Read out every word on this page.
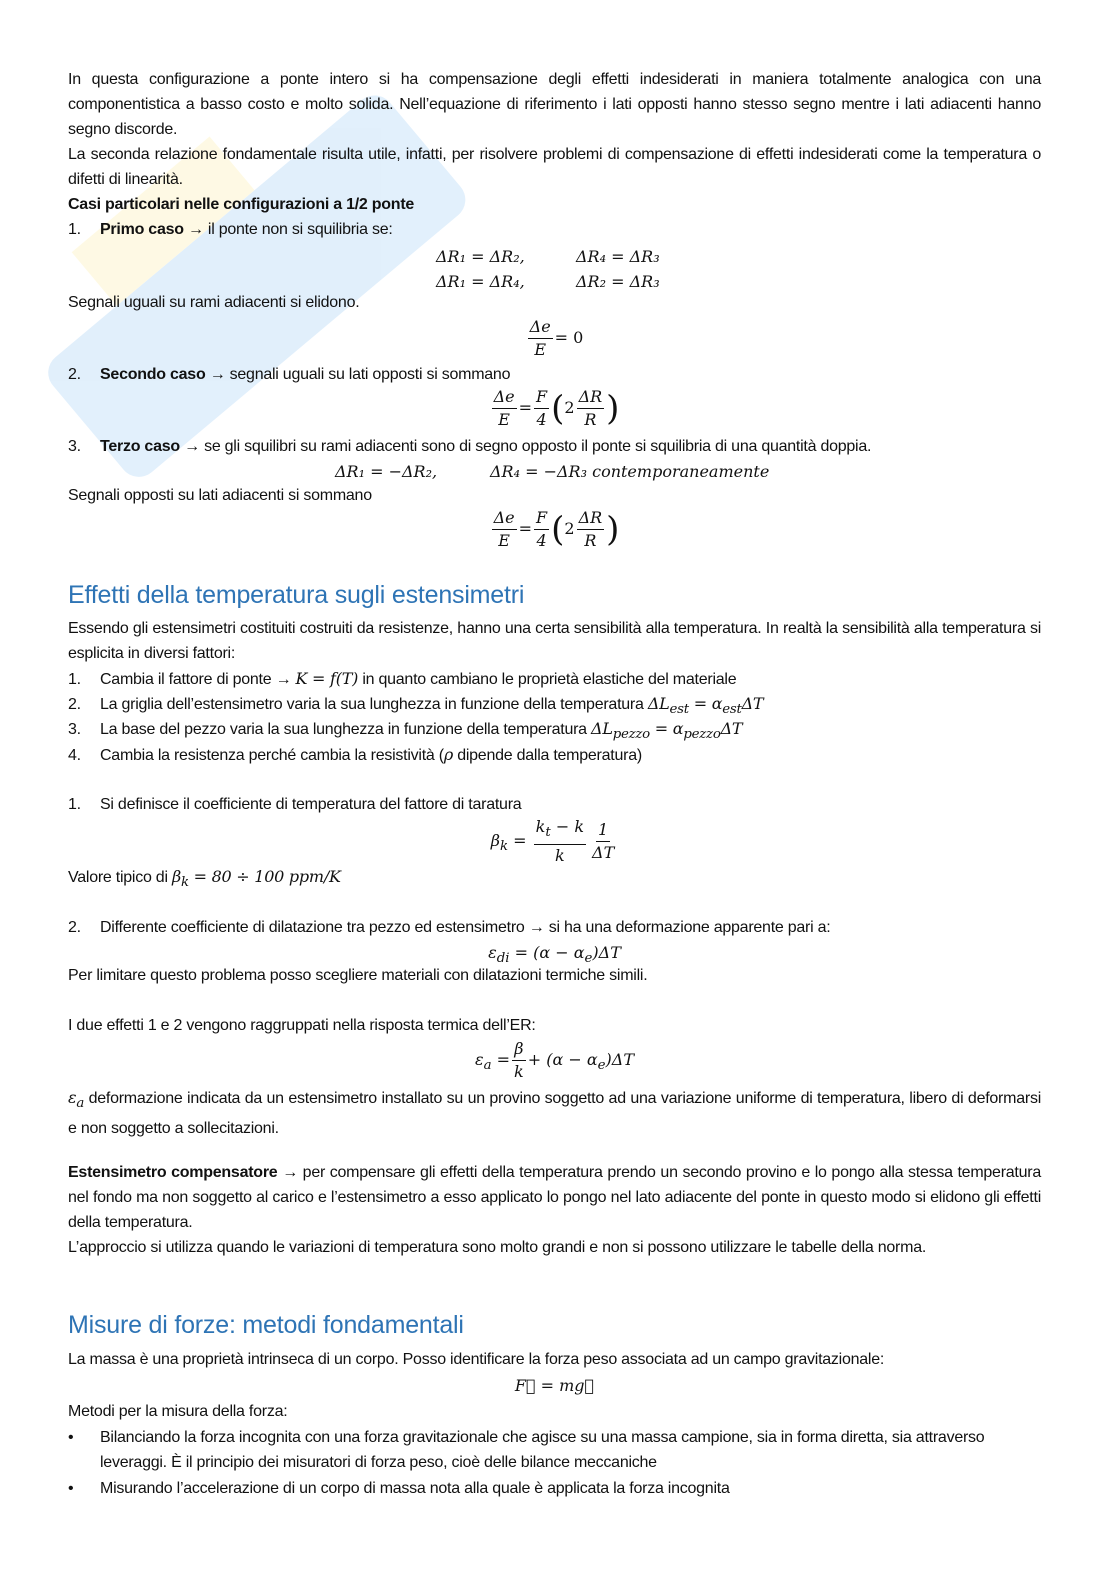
In questa configurazione a ponte intero si ha compensazione degli effetti indesiderati in maniera totalmente analogica con una componentistica a basso costo e molto solida. Nell’equazione di riferimento i lati opposti hanno stesso segno mentre i lati adiacenti hanno segno discorde.
La seconda relazione fondamentale risulta utile, infatti, per risolvere problemi di compensazione di effetti indesiderati come la temperatura o difetti di linearità.
Casi particolari nelle configurazioni a 1/2 ponte
1. Primo caso → il ponte non si squilibria se:
ΔR₁ = ΔR₂,	ΔR₄ = ΔR₃
ΔR₁ = ΔR₄,	ΔR₂ = ΔR₃
Segnali uguali su rami adiacenti si elidono.
$\frac{\Delta e}{E} = 0$
2. Secondo caso → segnali uguali su lati opposti si sommano
$\frac{\Delta e}{E} = \frac{F}{4} (2 \frac{\Delta R}{R}$ )
3. Terzo caso → se gli squilibri su rami adiacenti sono di segno opposto il ponte si squilibria di una quantità doppia.
ΔR₁ = −ΔR₂,	ΔR₄ = −ΔR₃ contemporaneamente
Segnali opposti su lati adiacenti si sommano
$\frac{\Delta e}{E} = \frac{F}{4} (2 \frac{\Delta R}{R}$ )
Effetti della temperatura sugli estensimetri
Essendo gli estensimetri costituiti costruiti da resistenze, hanno una certa sensibilità alla temperatura. In realtà la sensibilità alla temperatura si esplicita in diversi fattori:
1. Cambia il fattore di ponte → K = f(T) in quanto cambiano le proprietà elastiche del materiale
2. La griglia dell’estensimetro varia la sua lunghezza in funzione della temperatura $\Delta L_{est} = \alpha_{est}\Delta T$
3. La base del pezzo varia la sua lunghezza in funzione della temperatura $\Delta L_{pezzo} = \alpha_{pezzo}\Delta T$
4. Cambia la resistenza perché cambia la resistività (ρ dipende dalla temperatura)
1. Si definisce il coefficiente di temperatura del fattore di taratura
$\beta_k = \frac{k_t - k}{k} \frac{1}{\Delta T}$
Valore tipico di $\beta_k = 80 \div 100$ ppm/K
2. Differente coefficiente di dilatazione tra pezzo ed estensimetro → si ha una deformazione apparente pari a:
$\varepsilon_{di} = (\alpha - \alpha_e)\Delta T$
Per limitare questo problema posso scegliere materiali con dilatazioni termiche simili.
I due effetti 1 e 2 vengono raggruppati nella risposta termica dell’ER:
$\varepsilon_a = \frac{\beta}{k} + (\alpha - \alpha_e)\Delta T$
$\varepsilon_a$ deformazione indicata da un estensimetro installato su un provino soggetto ad una variazione uniforme di temperatura, libero di deformarsi e non soggetto a sollecitazioni.
Estensimetro compensatore → per compensare gli effetti della temperatura prendo un secondo provino e lo pongo alla stessa temperatura nel fondo ma non soggetto al carico e l’estensimetro a esso applicato lo pongo nel lato adiacente del ponte in questo modo si elidono gli effetti della temperatura.
L’approccio si utilizza quando le variazioni di temperatura sono molto grandi e non si possono utilizzare le tabelle della norma.
Misure di forze: metodi fondamentali
La massa è una proprietà intrinseca di un corpo. Posso identificare la forza peso associata ad un campo gravitazionale:
F⃗ = mg⃗
Metodi per la misura della forza:
• Bilanciando la forza incognita con una forza gravitazionale che agisce su una massa campione, sia in forma diretta, sia attraverso leveraggi. È il principio dei misuratori di forza peso, cioè delle bilance meccaniche
• Misurando l’accelerazione di un corpo di massa nota alla quale è applicata la forza incognita
